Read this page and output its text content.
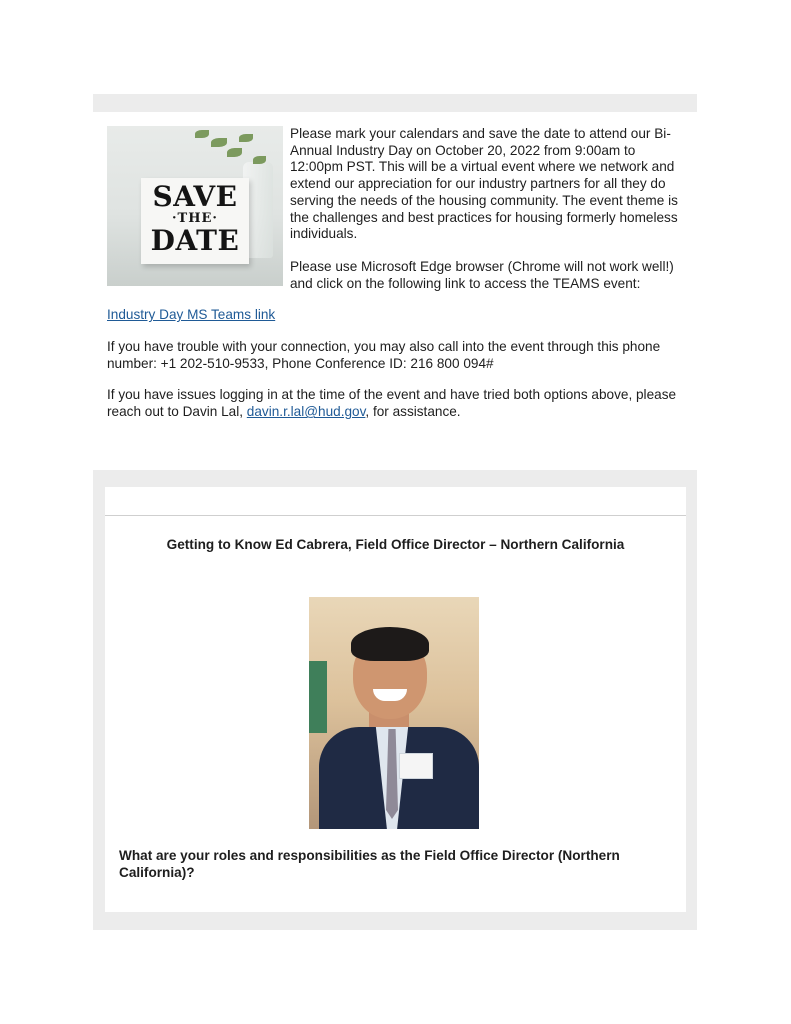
SAVE
·THE·
DATE

Please mark your calendars and save the date to attend our Bi-Annual Industry Day on October 20, 2022 from 9:00am to 12:00pm PST. This will be a virtual event where we network and extend our appreciation for our industry partners for all they do serving the needs of the housing community. The event theme is the challenges and best practices for housing formerly homeless individuals.

Please use Microsoft Edge browser (Chrome will not work well!) and click on the following link to access the TEAMS event:

Industry Day MS Teams link

If you have trouble with your connection, you may also call into the event through this phone number: +1 202-510-9533, Phone Conference ID: 216 800 094#

If you have issues logging in at the time of the event and have tried both options above, please reach out to Davin Lal, davin.r.lal@hud.gov, for assistance.

Getting to Know Ed Cabrera, Field Office Director – Northern California
What are your roles and responsibilities as the Field Office Director (Northern California)?
